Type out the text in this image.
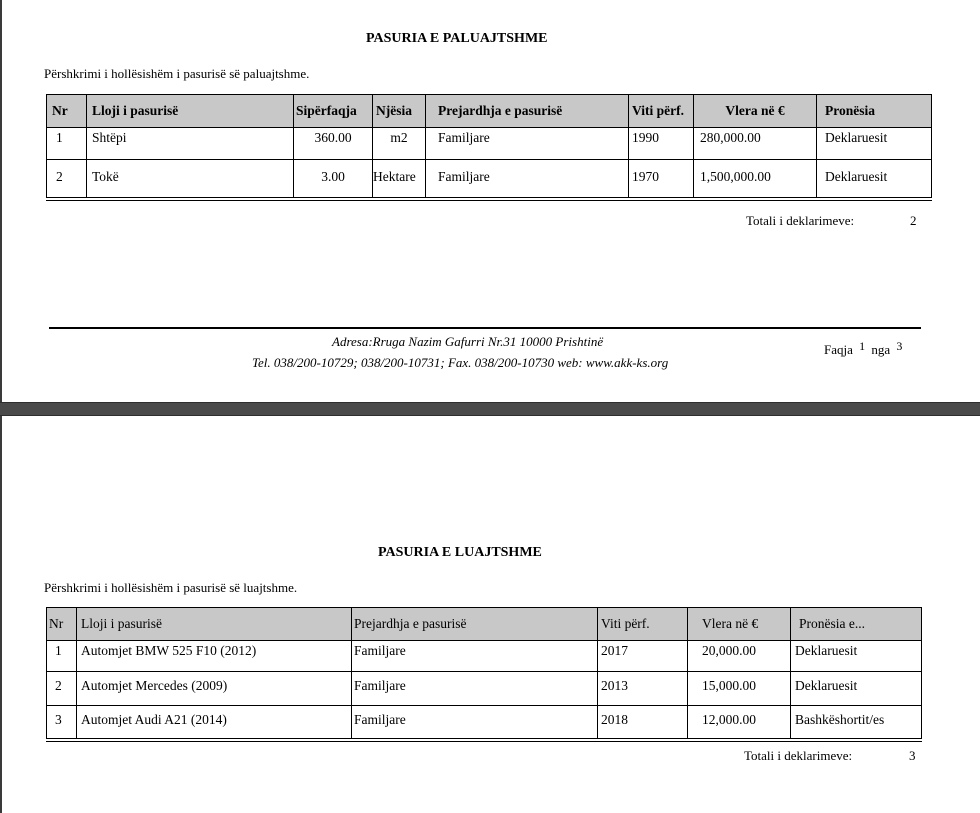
PASURIA E PALUAJTSHME
Përshkrimi i hollësishëm i pasurisë së paluajtshme.
Nr	Lloji i pasurisë	Sipërfaqja	Njësia	Prejardhja e pasurisë	Viti përf.	Vlera në €	Pronësia
1	Shtëpi	360.00	m2	Familjare	1990	280,000.00	Deklaruesit
2	Tokë	3.00	Hektare	Familjare	1970	1,500,000.00	Deklaruesit
Totali i deklarimeve:	2
Adresa:Rruga Nazim Gafurri Nr.31 10000 Prishtinë
Tel. 038/200-10729; 038/200-10731; Fax. 038/200-10730 web: www.akk-ks.org
Faqja $^1$ nga $^3$
PASURIA E LUAJTSHME
Përshkrimi i hollësishëm i pasurisë së luajtshme.
Nr	Lloji i pasurisë	Prejardhja e pasurisë	Viti përf.	Vlera në €	Pronësia e...
1	Automjet BMW 525 F10 (2012)	Familjare	2017	20,000.00	Deklaruesit
2	Automjet Mercedes (2009)	Familjare	2013	15,000.00	Deklaruesit
3	Automjet Audi A21 (2014)	Familjare	2018	12,000.00	Bashkëshortit/es
Totali i deklarimeve:	3
